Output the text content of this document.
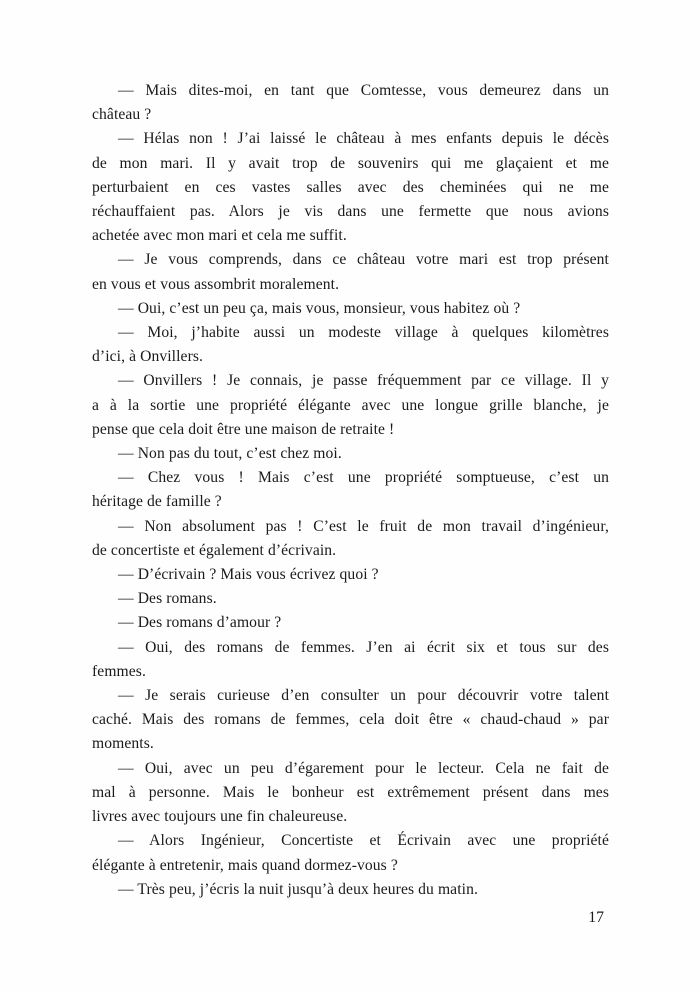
— Mais dites-moi, en tant que Comtesse, vous demeurez dans un
château ?
— Hélas non ! J’ai laissé le château à mes enfants depuis le décès
de mon mari. Il y avait trop de souvenirs qui me glaçaient et me
perturbaient en ces vastes salles avec des cheminées qui ne me
réchauffaient pas. Alors je vis dans une fermette que nous avions
achetée avec mon mari et cela me suffit.
— Je vous comprends, dans ce château votre mari est trop présent
en vous et vous assombrit moralement.
— Oui, c’est un peu ça, mais vous, monsieur, vous habitez où ?
— Moi, j’habite aussi un modeste village à quelques kilomètres
d’ici, à Onvillers.
— Onvillers ! Je connais, je passe fréquemment par ce village. Il y
a à la sortie une propriété élégante avec une longue grille blanche, je
pense que cela doit être une maison de retraite !
— Non pas du tout, c’est chez moi.
— Chez vous ! Mais c’est une propriété somptueuse, c’est un
héritage de famille ?
— Non absolument pas ! C’est le fruit de mon travail d’ingénieur,
de concertiste et également d’écrivain.
— D’écrivain ? Mais vous écrivez quoi ?
— Des romans.
— Des romans d’amour ?
— Oui, des romans de femmes. J’en ai écrit six et tous sur des
femmes.
— Je serais curieuse d’en consulter un pour découvrir votre talent
caché. Mais des romans de femmes, cela doit être « chaud-chaud » par
moments.
— Oui, avec un peu d’égarement pour le lecteur. Cela ne fait de
mal à personne. Mais le bonheur est extrêmement présent dans mes
livres avec toujours une fin chaleureuse.
— Alors Ingénieur, Concertiste et Écrivain avec une propriété
élégante à entretenir, mais quand dormez-vous ?
— Très peu, j’écris la nuit jusqu’à deux heures du matin.
17
